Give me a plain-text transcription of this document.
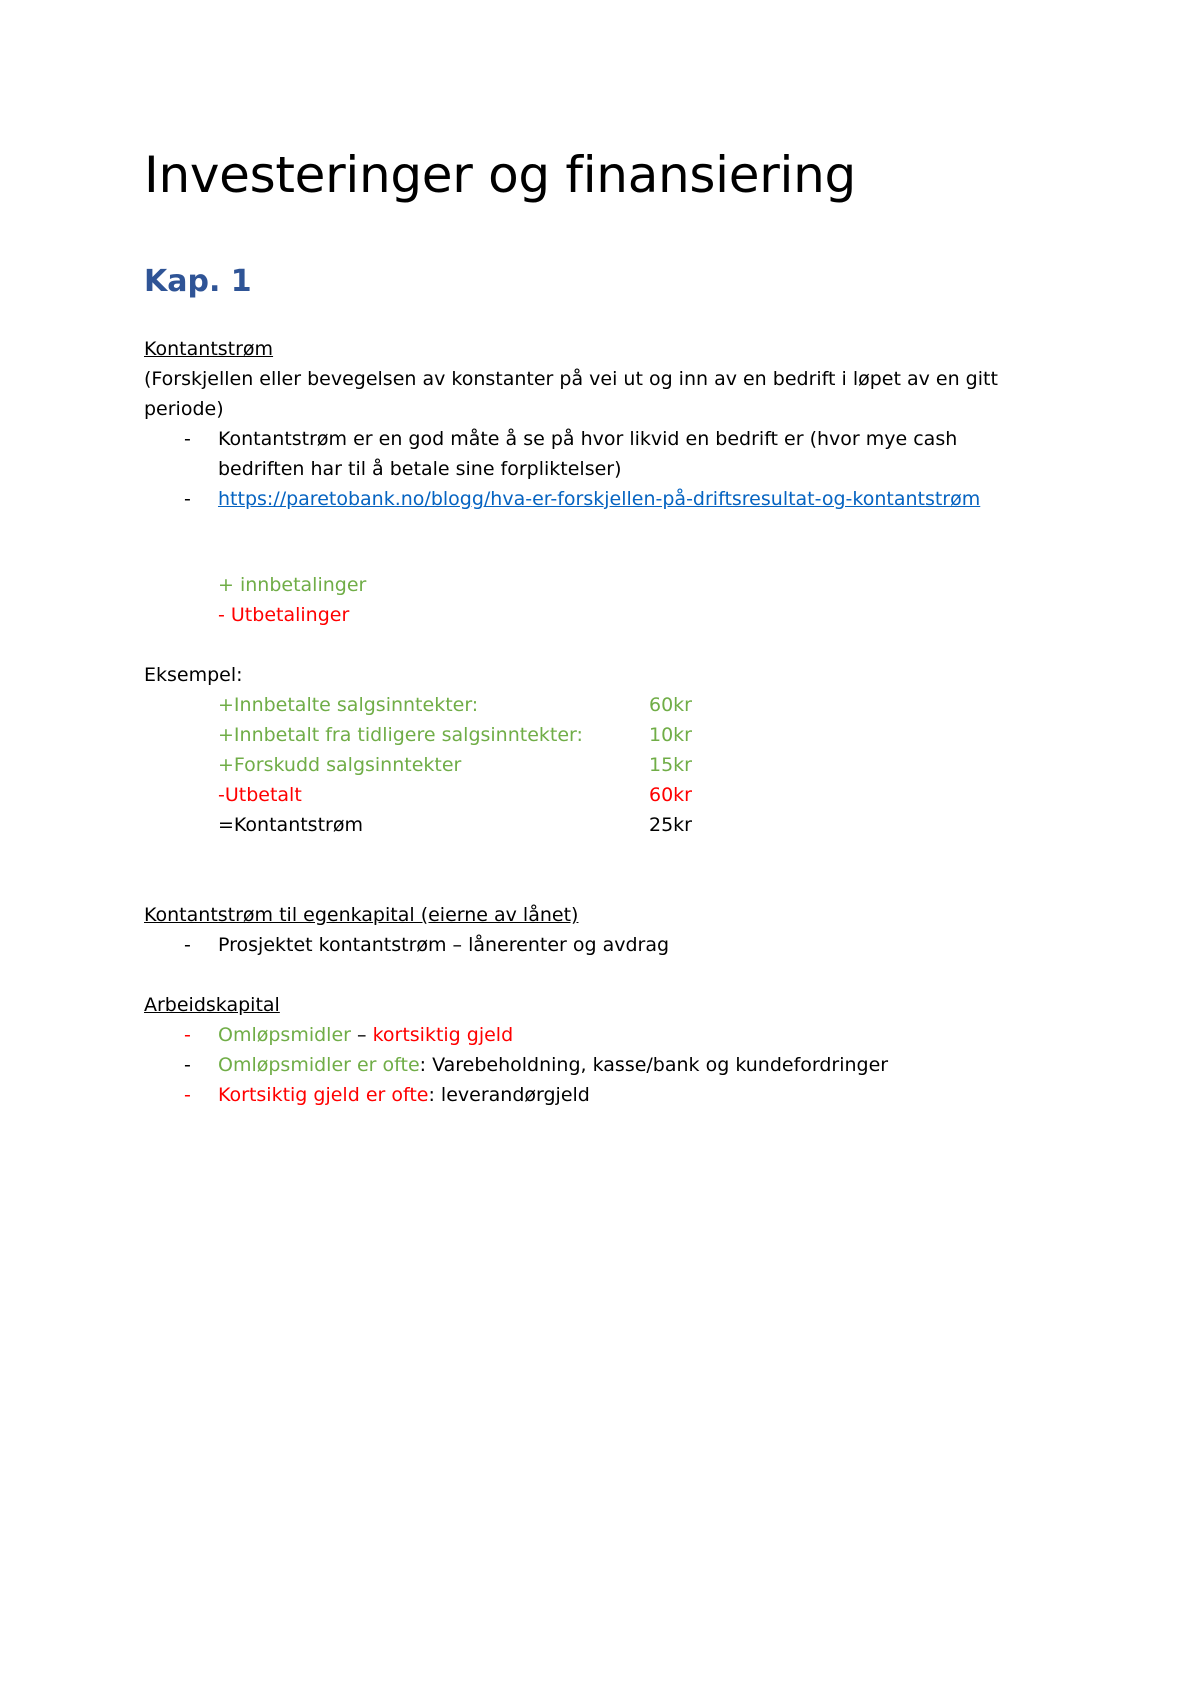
Investeringer og finansiering
Kap. 1
Kontantstrøm
(Forskjellen eller bevegelsen av konstanter på vei ut og inn av en bedrift i løpet av en gitt periode)
-	Kontantstrøm er en god måte å se på hvor likvid en bedrift er (hvor mye cash bedriften har til å betale sine forpliktelser)
-	https://paretobank.no/blogg/hva-er-forskjellen-på-driftsresultat-og-kontantstrøm
+ innbetalinger
- Utbetalinger
Eksempel:
+Innbetalte salgsinntekter:	60kr
+Innbetalt fra tidligere salgsinntekter:	10kr
+Forskudd salgsinntekter	15kr
-Utbetalt	60kr
=Kontantstrøm	25kr
Kontantstrøm til egenkapital (eierne av lånet)
-	Prosjektet kontantstrøm – lånerenter og avdrag
Arbeidskapital
-	Omløpsmidler – kortsiktig gjeld
-	Omløpsmidler er ofte: Varebeholdning, kasse/bank og kundefordringer
-	Kortsiktig gjeld er ofte: leverandørgjeld
